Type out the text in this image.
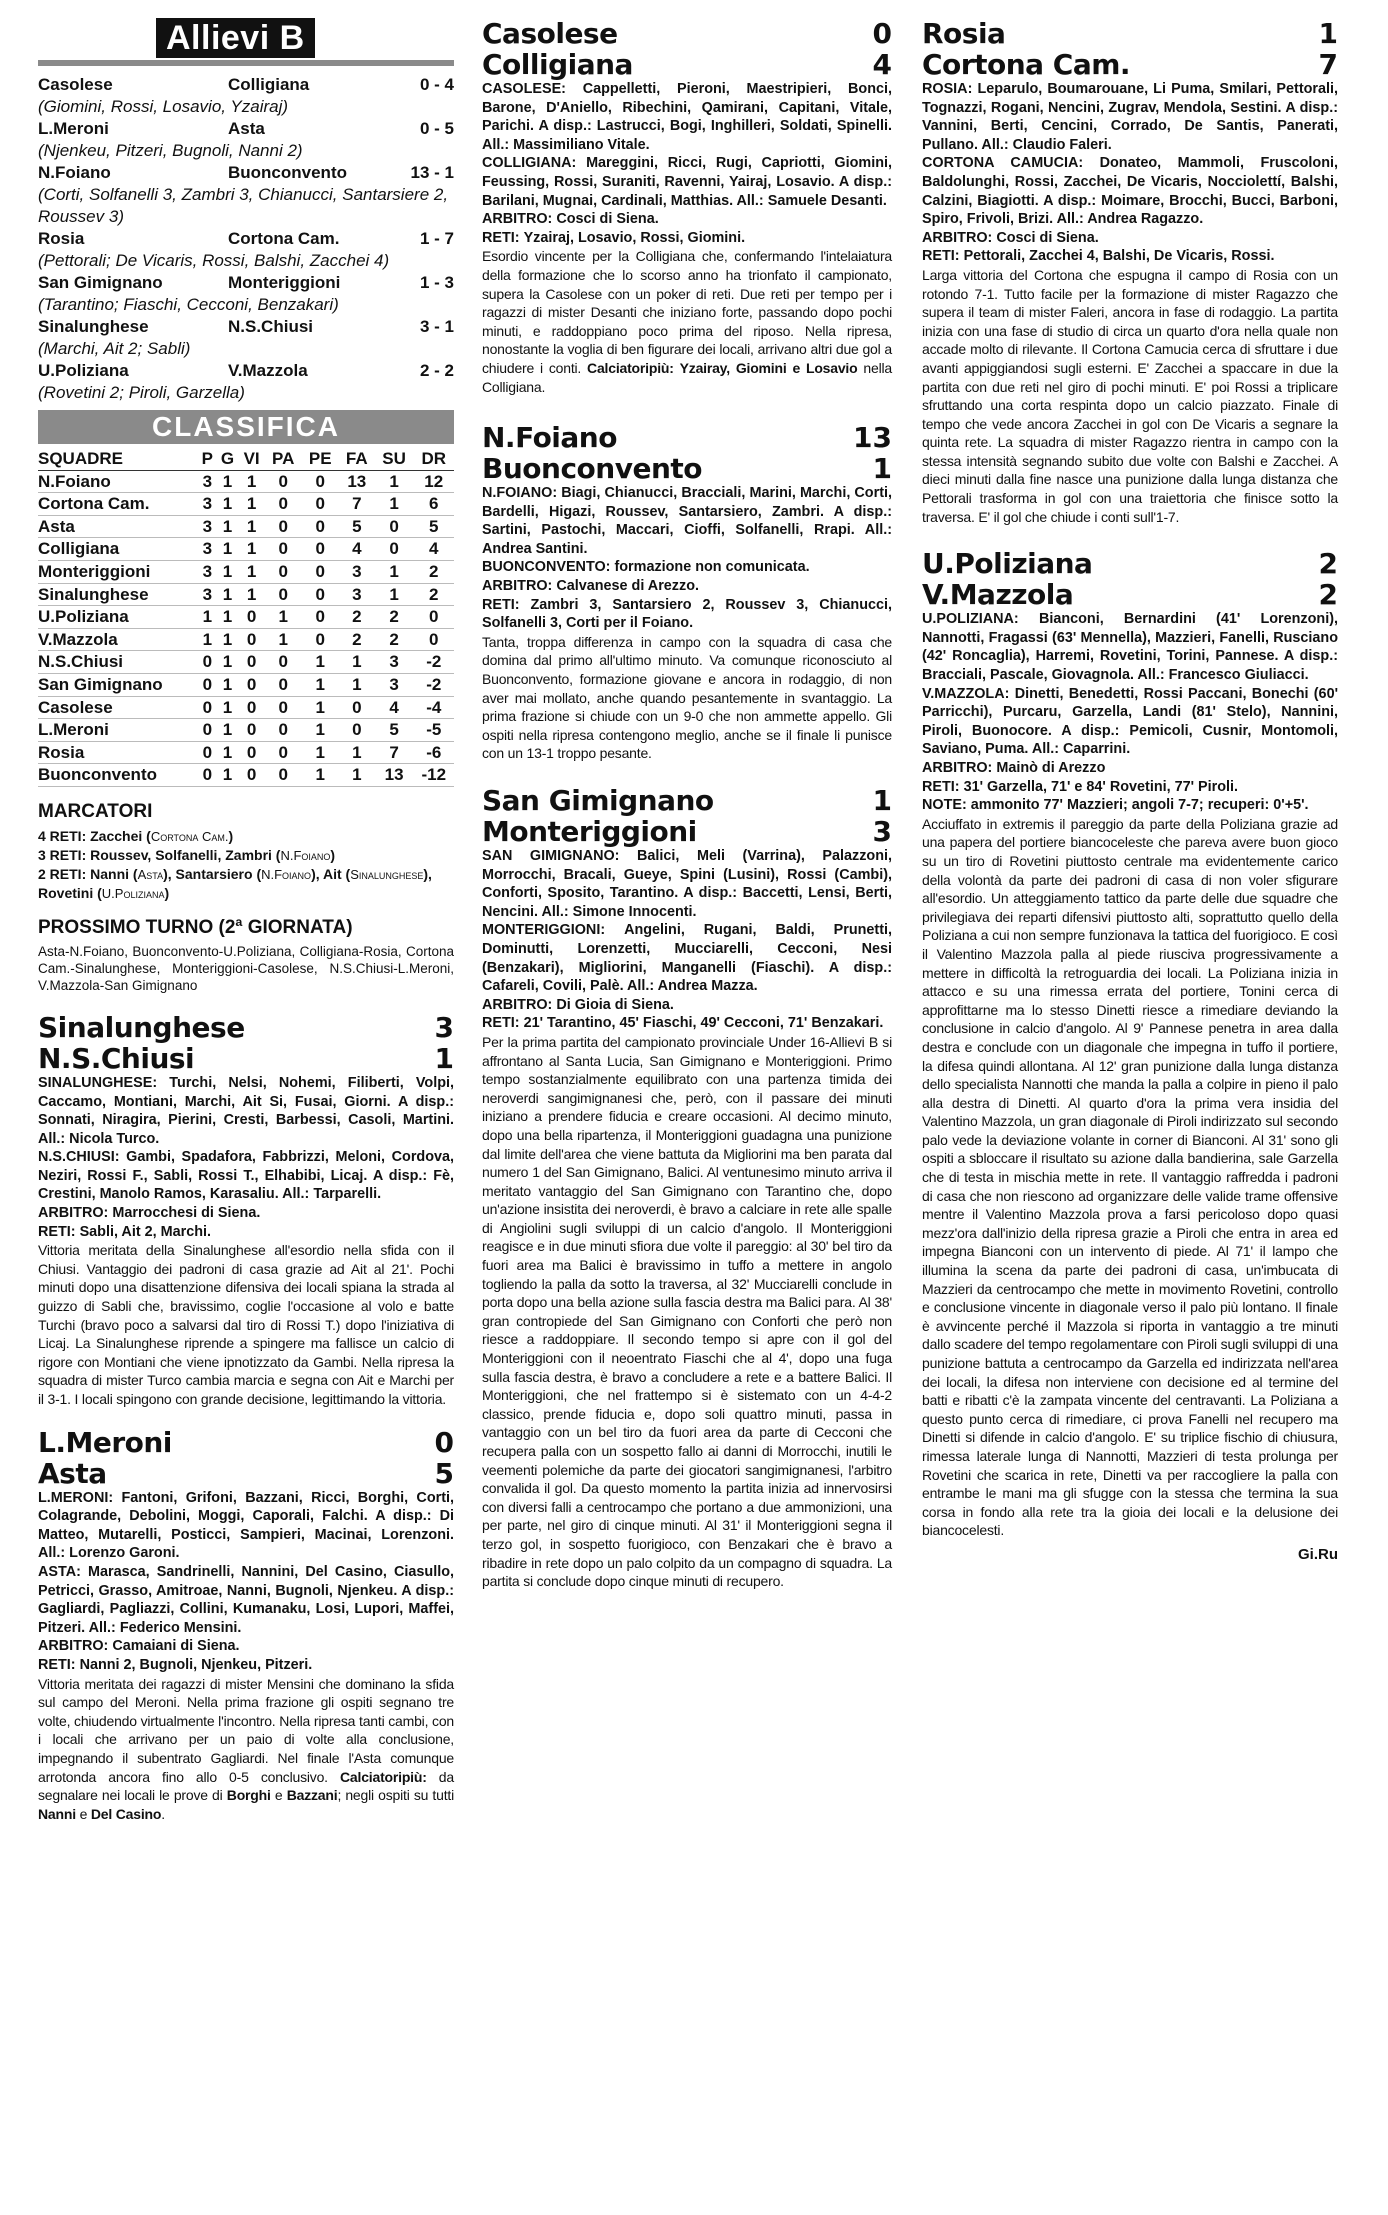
Allievi B
Casolese	Colligiana	0 - 4
(Giomini, Rossi, Losavio, Yzairaj)
L.Meroni	Asta	0 - 5
(Njenkeu, Pitzeri, Bugnoli, Nanni 2)
N.Foiano	Buonconvento	13 - 1
(Corti, Solfanelli 3, Zambri 3, Chianucci, Santarsiere 2, Roussev 3)
Rosia	Cortona Cam.	1 - 7
(Pettorali; De Vicaris, Rossi, Balshi, Zacchei 4)
San Gimignano	Monteriggioni	1 - 3
(Tarantino; Fiaschi, Cecconi, Benzakari)
Sinalunghese	N.S.Chiusi	3 - 1
(Marchi, Ait 2; Sabli)
U.Poliziana	V.Mazzola	2 - 2
(Rovetini 2; Piroli, Garzella)
CLASSIFICA
SQUADRE	P	G	VI	PA	PE	FA	SU	DR
N.Foiano	3	1	1	0	0	13	1	12
Cortona Cam.	3	1	1	0	0	7	1	6
Asta	3	1	1	0	0	5	0	5
Colligiana	3	1	1	0	0	4	0	4
Monteriggioni	3	1	1	0	0	3	1	2
Sinalunghese	3	1	1	0	0	3	1	2
U.Poliziana	1	1	0	1	0	2	2	0
V.Mazzola	1	1	0	1	0	2	2	0
N.S.Chiusi	0	1	0	0	1	1	3	-2
San Gimignano	0	1	0	0	1	1	3	-2
Casolese	0	1	0	0	1	0	4	-4
L.Meroni	0	1	0	0	1	0	5	-5
Rosia	0	1	0	0	1	1	7	-6
Buonconvento	0	1	0	0	1	1	13	-12
MARCATORI
4 RETI: Zacchei (Cortona Cam.)
3 RETI: Roussev, Solfanelli, Zambri (N.Foiano)
2 RETI: Nanni (Asta), Santarsiero (N.Foiano), Ait (Sinalunghese), Rovetini (U.Poliziana)
PROSSIMO TURNO (2ª GIORNATA)
Asta-N.Foiano, Buonconvento-U.Poliziana, Colligiana-Rosia, Cortona Cam.-Sinalunghese, Monteriggioni-Casolese, N.S.Chiusi-L.Meroni, V.Mazzola-San Gimignano
Sinalunghese	3
N.S.Chiusi	1

SINALUNGHESE: Turchi, Nelsi, Nohemi, Filiberti, Volpi, Caccamo, Montiani, Marchi, Ait Si, Fusai, Giorni. A disp.: Sonnati, Niragira, Pierini, Cresti, Barbessi, Casoli, Martini. All.: Nicola Turco.

N.S.CHIUSI: Gambi, Spadafora, Fabbrizzi, Meloni, Cordova, Neziri, Rossi F., Sabli, Rossi T., Elhabibi, Licaj. A disp.: Fè, Crestini, Manolo Ramos, Karasaliu. All.: Tarparelli.

ARBITRO: Marrocchesi di Siena.

RETI: Sabli, Ait 2, Marchi.

Vittoria meritata della Sinalunghese all'esordio nella sfida con il Chiusi. Vantaggio dei padroni di casa grazie ad Ait al 21'. Pochi minuti dopo una disattenzione difensiva dei locali spiana la strada al guizzo di Sabli che, bravissimo, coglie l'occasione al volo e batte Turchi (bravo poco a salvarsi dal tiro di Rossi T.) dopo l'iniziativa di Licaj. La Sinalunghese riprende a spingere ma fallisce un calcio di rigore con Montiani che viene ipnotizzato da Gambi. Nella ripresa la squadra di mister Turco cambia marcia e segna con Ait e Marchi per il 3-1. I locali spingono con grande decisione, legittimando la vittoria.

L.Meroni	0
Asta	5

L.MERONI: Fantoni, Grifoni, Bazzani, Ricci, Borghi, Corti, Colagrande, Debolini, Moggi, Caporali, Falchi. A disp.: Di Matteo, Mutarelli, Posticci, Sampieri, Macinai, Lorenzoni. All.: Lorenzo Garoni.

ASTA: Marasca, Sandrinelli, Nannini, Del Casino, Ciasullo, Petricci, Grasso, Amitroae, Nanni, Bugnoli, Njenkeu. A disp.: Gagliardi, Pagliazzi, Collini, Kumanaku, Losi, Lupori, Maffei, Pitzeri. All.: Federico Mensini.

ARBITRO: Camaiani di Siena.

RETI: Nanni 2, Bugnoli, Njenkeu, Pitzeri.

Vittoria meritata dei ragazzi di mister Mensini che dominano la sfida sul campo del Meroni. Nella prima frazione gli ospiti segnano tre volte, chiudendo virtualmente l'incontro. Nella ripresa tanti cambi, con i locali che arrivano per un paio di volte alla conclusione, impegnando il subentrato Gagliardi. Nel finale l'Asta comunque arrotonda ancora fino allo 0-5 conclusivo. Calciatoripiù: da segnalare nei locali le prove di Borghi e Bazzani; negli ospiti su tutti Nanni e Del Casino.

Casolese	0
Colligiana	4

CASOLESE: Cappelletti, Pieroni, Maestripieri, Bonci, Barone, D'Aniello, Ribechini, Qamirani, Capitani, Vitale, Parichi. A disp.: Lastrucci, Bogi, Inghilleri, Soldati, Spinelli. All.: Massimiliano Vitale.

COLLIGIANA: Mareggini, Ricci, Rugi, Capriotti, Giomini, Feussing, Rossi, Suraniti, Ravenni, Yairaj, Losavio. A disp.: Barilani, Mugnai, Cardinali, Matthias. All.: Samuele Desanti.

ARBITRO: Cosci di Siena.

RETI: Yzairaj, Losavio, Rossi, Giomini.

Esordio vincente per la Colligiana che, confermando l'intelaiatura della formazione che lo scorso anno ha trionfato il campionato, supera la Casolese con un poker di reti. Due reti per tempo per i ragazzi di mister Desanti che iniziano forte, passando dopo pochi minuti, e raddoppiano poco prima del riposo. Nella ripresa, nonostante la voglia di ben figurare dei locali, arrivano altri due gol a chiudere i conti. Calciatoripiù: Yzairay, Giomini e Losavio nella Colligiana.

N.Foiano	13
Buonconvento	1

N.FOIANO: Biagi, Chianucci, Bracciali, Marini, Marchi, Corti, Bardelli, Higazi, Roussev, Santarsiero, Zambri. A disp.: Sartini, Pastochi, Maccari, Cioffi, Solfanelli, Rrapi. All.: Andrea Santini.

BUONCONVENTO: formazione non comunicata.

ARBITRO: Calvanese di Arezzo.

RETI: Zambri 3, Santarsiero 2, Roussev 3, Chianucci, Solfanelli 3, Corti per il Foiano.

Tanta, troppa differenza in campo con la squadra di casa che domina dal primo all'ultimo minuto. Va comunque riconosciuto al Buonconvento, formazione giovane e ancora in rodaggio, di non aver mai mollato, anche quando pesantemente in svantaggio. La prima frazione si chiude con un 9-0 che non ammette appello. Gli ospiti nella ripresa contengono meglio, anche se il finale li punisce con un 13-1 troppo pesante.

San Gimignano	1
Monteriggioni	3

SAN GIMIGNANO: Balici, Meli (Varrina), Palazzoni, Morrocchi, Bracali, Gueye, Spini (Lusini), Rossi (Cambi), Conforti, Sposito, Tarantino. A disp.: Baccetti, Lensi, Berti, Nencini. All.: Simone Innocenti.

MONTERIGGIONI: Angelini, Rugani, Baldi, Prunetti, Dominutti, Lorenzetti, Mucciarelli, Cecconi, Nesi (Benzakari), Migliorini, Manganelli (Fiaschi). A disp.: Cafareli, Covili, Palè. All.: Andrea Mazza.

ARBITRO: Di Gioia di Siena.

RETI: 21' Tarantino, 45' Fiaschi, 49' Cecconi, 71' Benzakari.

Per la prima partita del campionato provinciale Under 16-Allievi B si affrontano al Santa Lucia, San Gimignano e Monteriggioni. Primo tempo sostanzialmente equilibrato con una partenza timida dei neroverdi sangimignanesi che, però, con il passare dei minuti iniziano a prendere fiducia e creare occasioni. Al decimo minuto, dopo una bella ripartenza, il Monteriggioni guadagna una punizione dal limite dell'area che viene battuta da Migliorini ma ben parata dal numero 1 del San Gimignano, Balici. Al ventunesimo minuto arriva il meritato vantaggio del San Gimignano con Tarantino che, dopo un'azione insistita dei neroverdi, è bravo a calciare in rete alle spalle di Angiolini sugli sviluppi di un calcio d'angolo. Il Monteriggioni reagisce e in due minuti sfiora due volte il pareggio: al 30' bel tiro da fuori area ma Balici è bravissimo in tuffo a mettere in angolo togliendo la palla da sotto la traversa, al 32' Mucciarelli conclude in porta dopo una bella azione sulla fascia destra ma Balici para. Al 38' gran contropiede del San Gimignano con Conforti che però non riesce a raddoppiare. Il secondo tempo si apre con il gol del Monteriggioni con il neoentrato Fiaschi che al 4', dopo una fuga sulla fascia destra, è bravo a concludere a rete e a battere Balici. Il Monteriggioni, che nel frattempo si è sistemato con un 4-4-2 classico, prende fiducia e, dopo soli quattro minuti, passa in vantaggio con un bel tiro da fuori area da parte di Cecconi che recupera palla con un sospetto fallo ai danni di Morrocchi, inutili le veementi polemiche da parte dei giocatori sangimignanesi, l'arbitro convalida il gol. Da questo momento la partita inizia ad innervosirsi con diversi falli a centrocampo che portano a due ammonizioni, una per parte, nel giro di cinque minuti. Al 31' il Monteriggioni segna il terzo gol, in sospetto fuorigioco, con Benzakari che è bravo a ribadire in rete dopo un palo colpito da un compagno di squadra. La partita si conclude dopo cinque minuti di recupero.

Rosia	1
Cortona Cam.	7

ROSIA: Leparulo, Boumarouane, Li Puma, Smilari, Pettorali, Tognazzi, Rogani, Nencini, Zugrav, Mendola, Sestini. A disp.: Vannini, Berti, Cencini, Corrado, De Santis, Panerati, Pullano. All.: Claudio Faleri.

CORTONA CAMUCIA: Donateo, Mammoli, Fruscoloni, Baldolunghi, Rossi, Zacchei, De Vicaris, Nocciolettí, Balshi, Calzini, Biagiotti. A disp.: Moimare, Brocchi, Bucci, Barboni, Spiro, Frivoli, Brizi. All.: Andrea Ragazzo.

ARBITRO: Cosci di Siena.

RETI: Pettorali, Zacchei 4, Balshi, De Vicaris, Rossi.

Larga vittoria del Cortona che espugna il campo di Rosia con un rotondo 7-1. Tutto facile per la formazione di mister Ragazzo che supera il team di mister Faleri, ancora in fase di rodaggio. La partita inizia con una fase di studio di circa un quarto d'ora nella quale non accade molto di rilevante. Il Cortona Camucia cerca di sfruttare i due avanti appiggiandosi sugli esterni. E' Zacchei a spaccare in due la partita con due reti nel giro di pochi minuti. E' poi Rossi a triplicare sfruttando una corta respinta dopo un calcio piazzato. Finale di tempo che vede ancora Zacchei in gol con De Vicaris a segnare la quinta rete. La squadra di mister Ragazzo rientra in campo con la stessa intensità segnando subito due volte con Balshi e Zacchei. A dieci minuti dalla fine nasce una punizione dalla lunga distanza che Pettorali trasforma in gol con una traiettoria che finisce sotto la traversa. E' il gol che chiude i conti sull'1-7.

U.Poliziana	2
V.Mazzola	2

U.POLIZIANA: Bianconi, Bernardini (41' Lorenzoni), Nannotti, Fragassi (63' Mennella), Mazzieri, Fanelli, Rusciano (42' Roncaglia), Harremi, Rovetini, Torini, Pannese. A disp.: Bracciali, Pascale, Giovagnola. All.: Francesco Giuliacci.

V.MAZZOLA: Dinetti, Benedetti, Rossi Paccani, Bonechi (60' Parricchi), Purcaru, Garzella, Landi (81' Stelo), Nannini, Piroli, Buonocore. A disp.: Pemicoli, Cusnir, Montomoli, Saviano, Puma. All.: Caparrini.

ARBITRO: Mainò di Arezzo

RETI: 31' Garzella, 71' e 84' Rovetini, 77' Piroli.

NOTE: ammonito 77' Mazzieri; angoli 7-7; recuperi: 0'+5'.

Acciuffato in extremis il pareggio da parte della Poliziana grazie ad una papera del portiere biancoceleste che pareva avere buon gioco su un tiro di Rovetini piuttosto centrale ma evidentemente carico della volontà da parte dei padroni di casa di non voler sfigurare all'esordio. Un atteggiamento tattico da parte delle due squadre che privilegiava dei reparti difensivi piuttosto alti, soprattutto quello della Poliziana a cui non sempre funzionava la tattica del fuorigioco. E così il Valentino Mazzola palla al piede riusciva progressivamente a mettere in difficoltà la retroguardia dei locali. La Poliziana inizia in attacco e su una rimessa errata del portiere, Tonini cerca di approfittarne ma lo stesso Dinetti riesce a rimediare deviando la conclusione in calcio d'angolo. Al 9' Pannese penetra in area dalla destra e conclude con un diagonale che impegna in tuffo il portiere, la difesa quindi allontana. Al 12' gran punizione dalla lunga distanza dello specialista Nannotti che manda la palla a colpire in pieno il palo alla destra di Dinetti. Al quarto d'ora la prima vera insidia del Valentino Mazzola, un gran diagonale di Piroli indirizzato sul secondo palo vede la deviazione volante in corner di Bianconi. Al 31' sono gli ospiti a sbloccare il risultato su azione dalla bandierina, sale Garzella che di testa in mischia mette in rete. Il vantaggio raffredda i padroni di casa che non riescono ad organizzare delle valide trame offensive mentre il Valentino Mazzola prova a farsi pericoloso dopo quasi mezz'ora dall'inizio della ripresa grazie a Piroli che entra in area ed impegna Bianconi con un intervento di piede. Al 71' il lampo che illumina la scena da parte dei padroni di casa, un'imbucata di Mazzieri da centrocampo che mette in movimento Rovetini, controllo e conclusione vincente in diagonale verso il palo più lontano. Il finale è avvincente perché il Mazzola si riporta in vantaggio a tre minuti dallo scadere del tempo regolamentare con Piroli sugli sviluppi di una punizione battuta a centrocampo da Garzella ed indirizzata nell'area dei locali, la difesa non interviene con decisione ed al termine del batti e ribatti c'è la zampata vincente del centravanti. La Poliziana a questo punto cerca di rimediare, ci prova Fanelli nel recupero ma Dinetti si difende in calcio d'angolo. E' su triplice fischio di chiusura, rimessa laterale lunga di Nannotti, Mazzieri di testa prolunga per Rovetini che scarica in rete, Dinetti va per raccogliere la palla con entrambe le mani ma gli sfugge con la stessa che termina la sua corsa in fondo alla rete tra la gioia dei locali e la delusione dei biancocelesti.

Gi.Ru
